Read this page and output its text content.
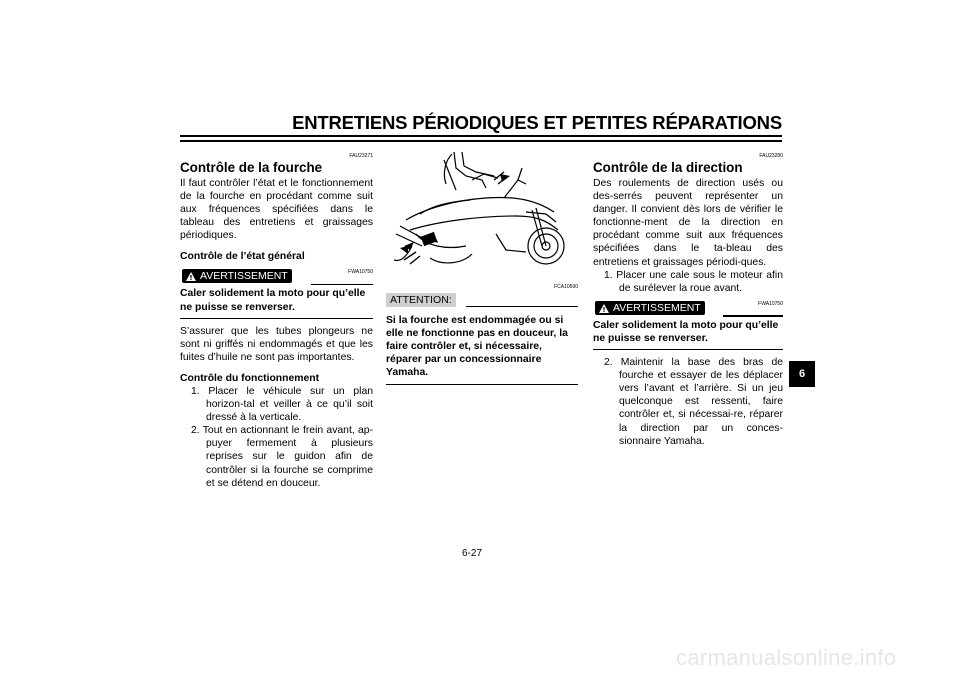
ENTRETIENS PÉRIODIQUES ET PETITES RÉPARATIONS
FAU23271
Contrôle de la fourche

Il faut contrôler l’état et le fonctionnement de la fourche en procédant comme suit aux fréquences spécifiées dans le tableau des entretiens et graissages périodiques.

Contrôle de l’état général
AVERTISSEMENT	FWA10750
Caler solidement la moto pour qu’elle ne puisse se renverser.

S’assurer que les tubes plongeurs ne sont ni griffés ni endommagés et que les fuites d’huile ne sont pas importantes.

Contrôle du fonctionnement
1. Placer le véhicule sur un plan horizon-tal et veiller à ce qu’il soit dressé à la verticale.
2. Tout en actionnant le frein avant, ap-puyer fermement à plusieurs reprises sur le guidon afin de contrôler si la fourche se comprime et se détend en douceur.
FCA10590
ATTENTION:
Si la fourche est endommagée ou si elle ne fonctionne pas en douceur, la faire contrôler et, si nécessaire, réparer par un concessionnaire Yamaha.
FAU23280
Contrôle de la direction

Des roulements de direction usés ou des-serrés peuvent représenter un danger. Il convient dès lors de vérifier le fonctionne-ment de la direction en procédant comme suit aux fréquences spécifiées dans le ta-bleau des entretiens et graissages périodi-ques.

1. Placer une cale sous le moteur afin de surélever la roue avant.
AVERTISSEMENT	FWA10750
Caler solidement la moto pour qu’elle ne puisse se renverser.
2. Maintenir la base des bras de fourche et essayer de les déplacer vers l’avant et l’arrière. Si un jeu quelconque est ressenti, faire contrôler et, si nécessai-re, réparer la direction par un conces-sionnaire Yamaha.
6
6-27
carmanualsonline.info
